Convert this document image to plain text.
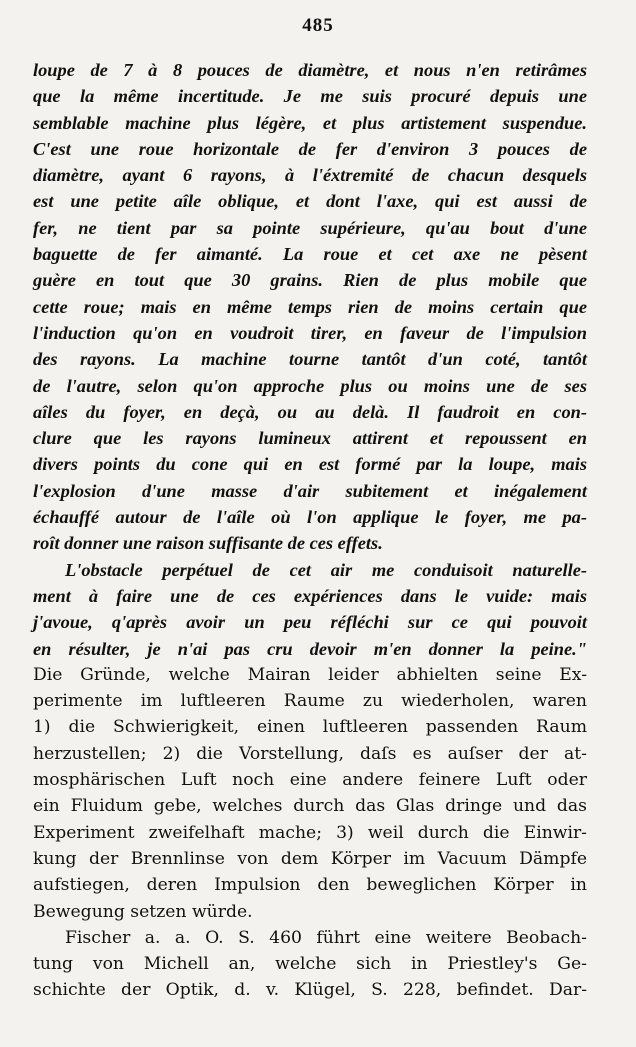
485
loupe de 7 à 8 pouces de diamètre, et nous n'en retirâmes
que la même incertitude. Je me suis procuré depuis une
semblable machine plus légère, et plus artistement suspendue.
C'est une roue horizontale de fer d'environ 3 pouces de
diamètre, ayant 6 rayons, à l'éxtremité de chacun desquels
est une petite aîle oblique, et dont l'axe, qui est aussi de
fer, ne tient par sa pointe supérieure, qu'au bout d'une
baguette de fer aimanté. La roue et cet axe ne pèsent
guère en tout que 30 grains. Rien de plus mobile que
cette roue; mais en même temps rien de moins certain que
l'induction qu'on en voudroit tirer, en faveur de l'impulsion
des rayons. La machine tourne tantôt d'un coté, tantôt
de l'autre, selon qu'on approche plus ou moins une de ses
aîles du foyer, en deçà, ou au delà. Il faudroit en con-
clure que les rayons lumineux attirent et repoussent en
divers points du cone qui en est formé par la loupe, mais
l'explosion d'une masse d'air subitement et inégalement
échauffé autour de l'aîle où l'on applique le foyer, me pa-
roît donner une raison suffisante de ces effets.
L'obstacle perpétuel de cet air me conduisoit naturelle-
ment à faire une de ces expériences dans le vuide: mais
j'avoue, q'après avoir un peu réfléchi sur ce qui pouvoit
en résulter, je n'ai pas cru devoir m'en donner la peine."
Die Gründe, welche Mairan leider abhielten seine Ex-
perimente im luftleeren Raume zu wiederholen, waren
1) die Schwierigkeit, einen luftleeren passenden Raum
herzustellen; 2) die Vorstellung, daſs es auſser der at-
mosphärischen Luft noch eine andere feinere Luft oder
ein Fluidum gebe, welches durch das Glas dringe und das
Experiment zweifelhaft mache; 3) weil durch die Einwir-
kung der Brennlinse von dem Körper im Vacuum Dämpfe
aufstiegen, deren Impulsion den beweglichen Körper in
Bewegung setzen würde.
Fischer a. a. O. S. 460 führt eine weitere Beobach-
tung von Michell an, welche sich in Priestley's Ge-
schichte der Optik, d. v. Klügel, S. 228, befindet. Dar-
